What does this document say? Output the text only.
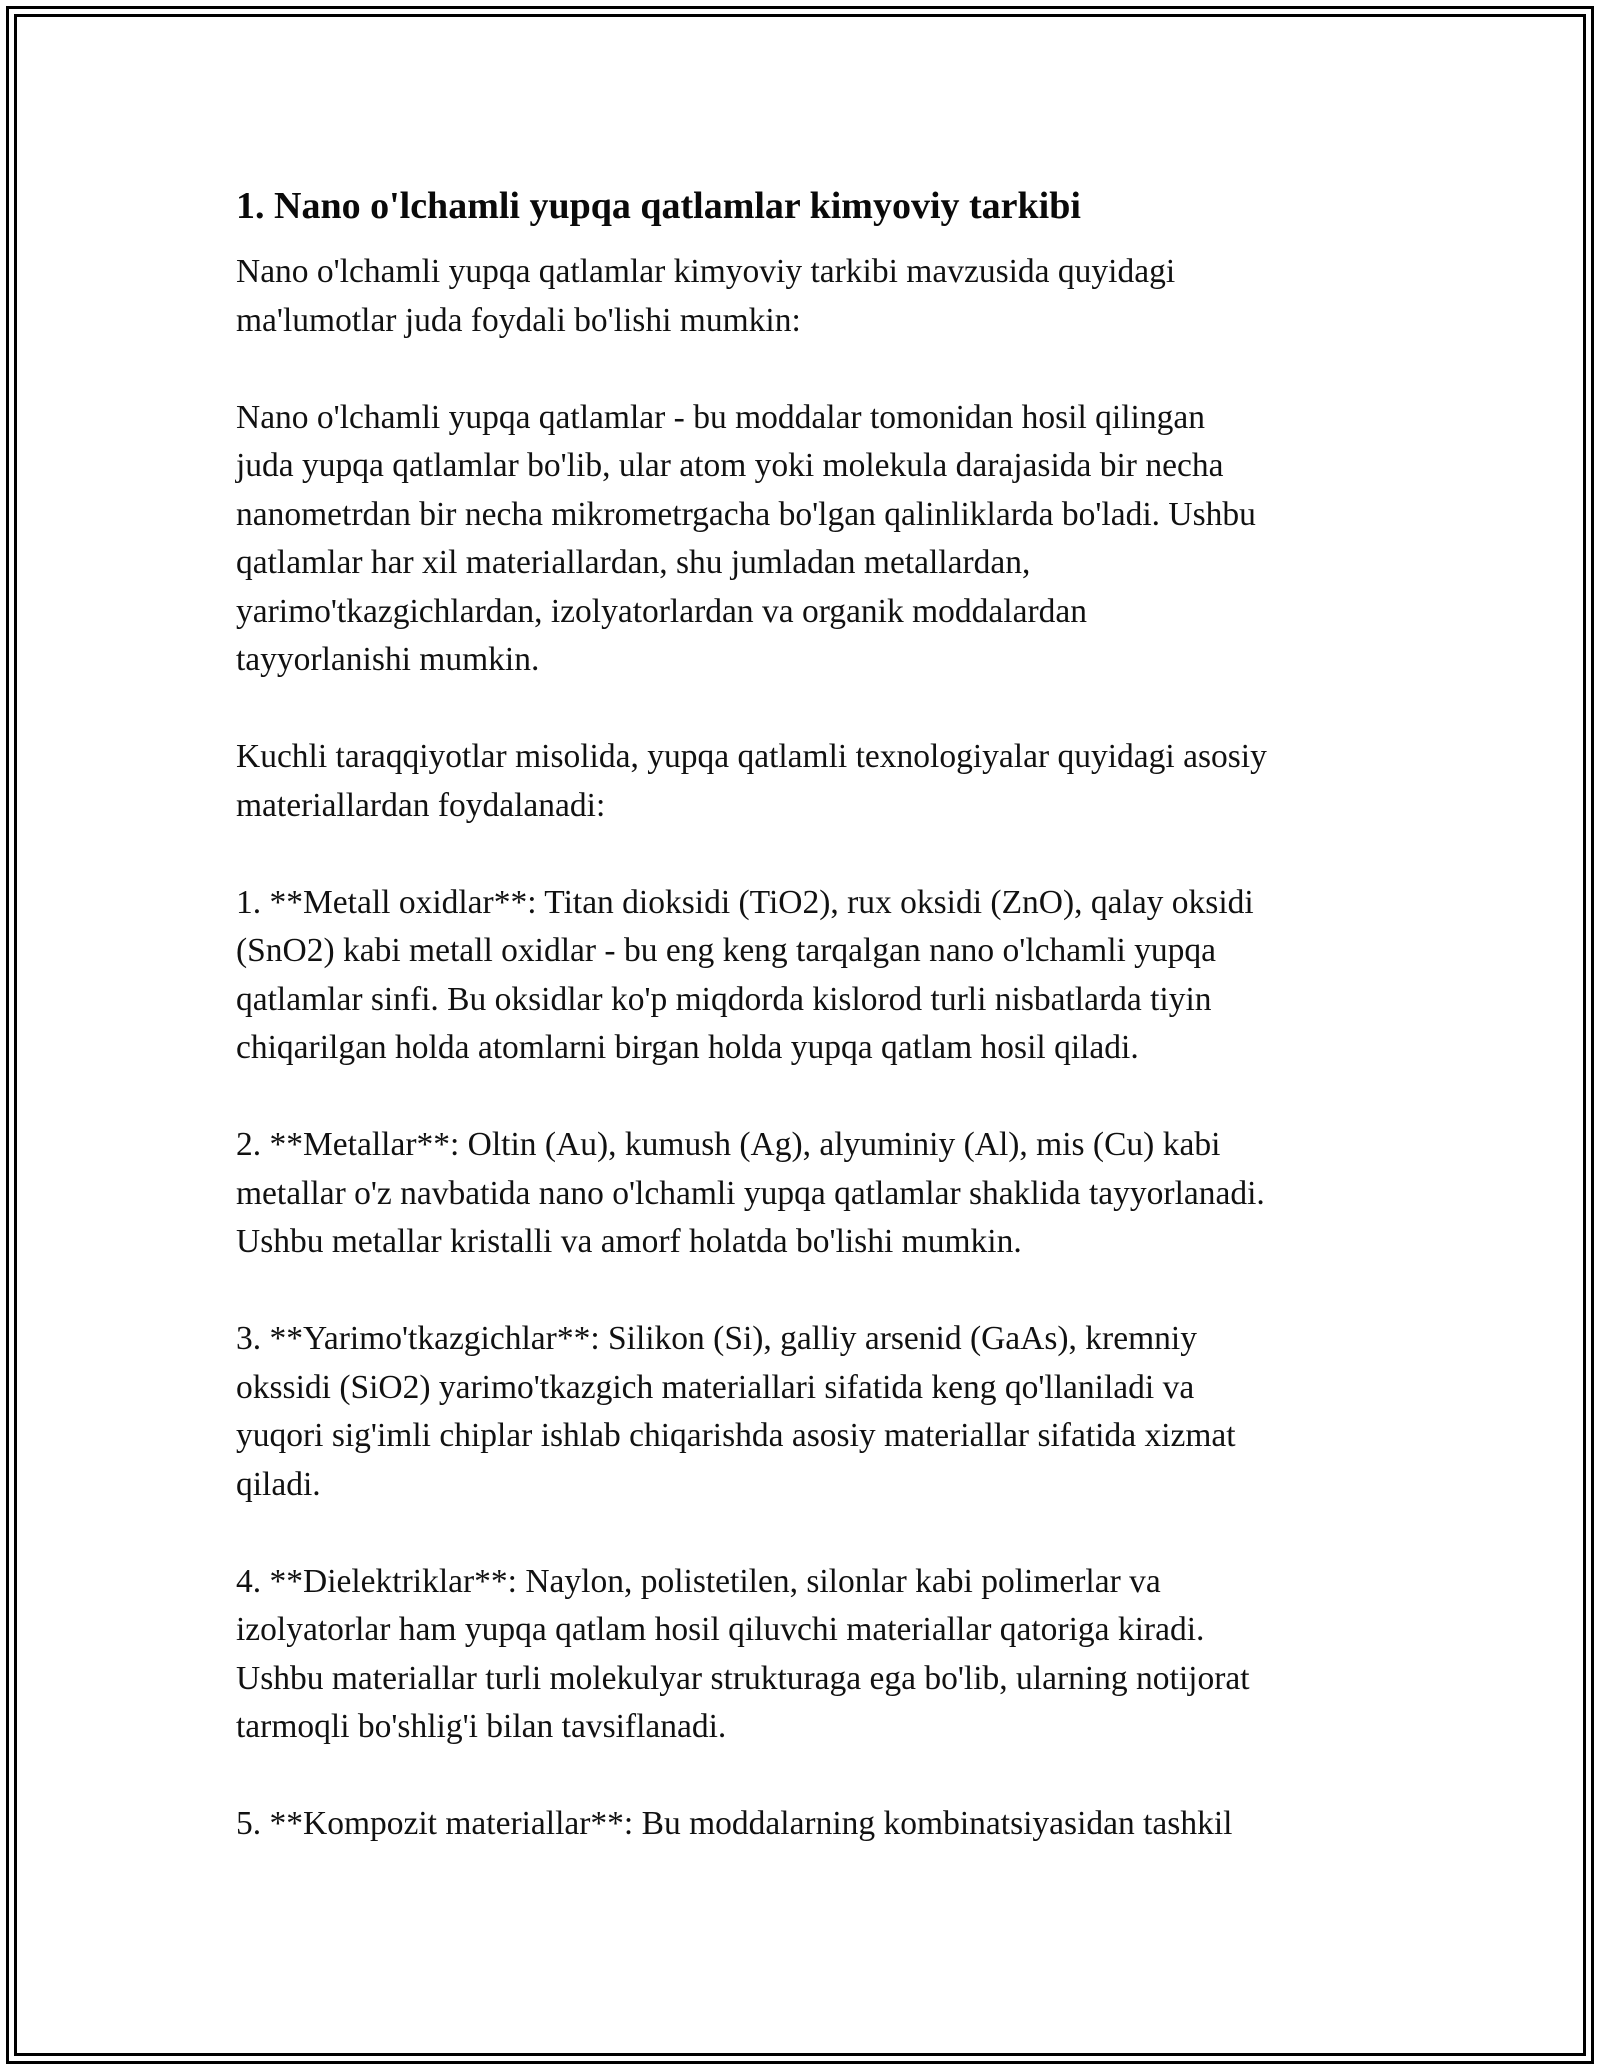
1. Nano o'lchamli yupqa qatlamlar kimyoviy tarkibi
Nano o'lchamli yupqa qatlamlar kimyoviy tarkibi mavzusida quyidagi
ma'lumotlar juda foydali bo'lishi mumkin:
Nano o'lchamli yupqa qatlamlar - bu moddalar tomonidan hosil qilingan
juda yupqa qatlamlar bo'lib, ular atom yoki molekula darajasida bir necha
nanometrdan bir necha mikrometrgacha bo'lgan qalinliklarda bo'ladi. Ushbu
qatlamlar har xil materiallardan, shu jumladan metallardan,
yarimo'tkazgichlardan, izolyatorlardan va organik moddalardan
tayyorlanishi mumkin.
Kuchli taraqqiyotlar misolida, yupqa qatlamli texnologiyalar quyidagi asosiy
materiallardan foydalanadi:
1. **Metall oxidlar**: Titan dioksidi (TiO2), rux oksidi (ZnO), qalay oksidi
(SnO2) kabi metall oxidlar - bu eng keng tarqalgan nano o'lchamli yupqa
qatlamlar sinfi. Bu oksidlar ko'p miqdorda kislorod turli nisbatlarda tiyin
chiqarilgan holda atomlarni birgan holda yupqa qatlam hosil qiladi.
2. **Metallar**: Oltin (Au), kumush (Ag), alyuminiy (Al), mis (Cu) kabi
metallar o'z navbatida nano o'lchamli yupqa qatlamlar shaklida tayyorlanadi.
Ushbu metallar kristalli va amorf holatda bo'lishi mumkin.
3. **Yarimo'tkazgichlar**: Silikon (Si), galliy arsenid (GaAs), kremniy
okssidi (SiO2) yarimo'tkazgich materiallari sifatida keng qo'llaniladi va
yuqori sig'imli chiplar ishlab chiqarishda asosiy materiallar sifatida xizmat
qiladi.
4. **Dielektriklar**: Naylon, polistetilen, silonlar kabi polimerlar va
izolyatorlar ham yupqa qatlam hosil qiluvchi materiallar qatoriga kiradi.
Ushbu materiallar turli molekulyar strukturaga ega bo'lib, ularning notijorat
tarmoqli bo'shlig'i bilan tavsiflanadi.
5. **Kompozit materiallar**: Bu moddalarning kombinatsiyasidan tashkil
